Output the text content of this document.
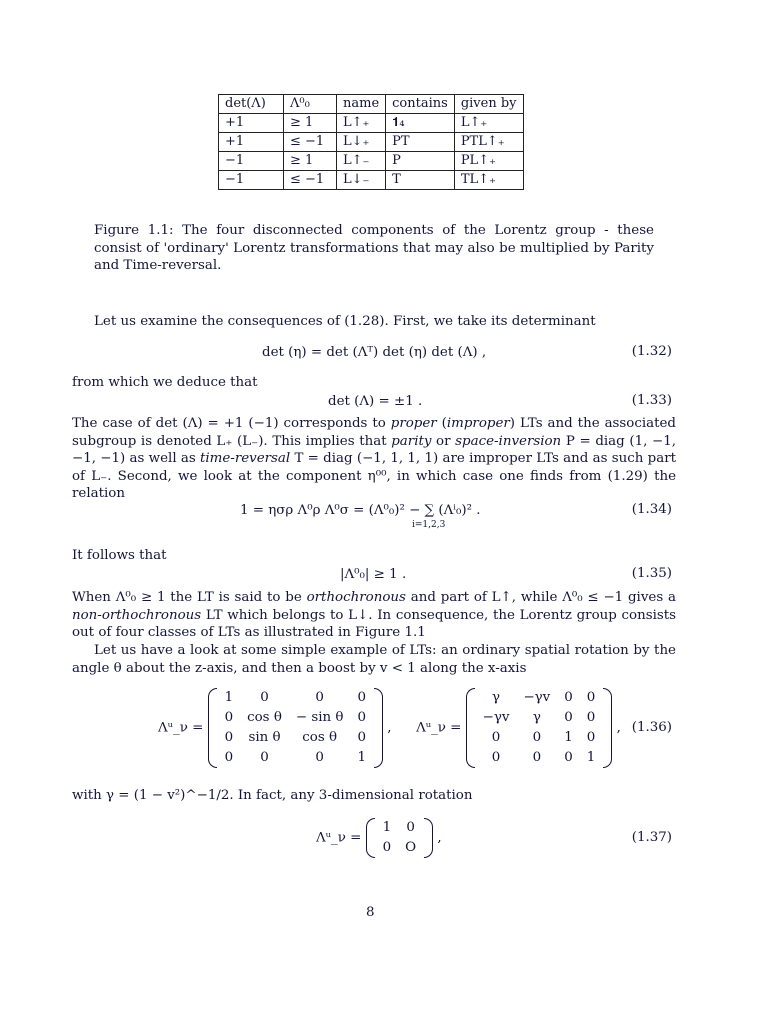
det(Λ)	Λ⁰₀	name	contains	given by
+1	≥ 1	L↑₊	𝟏₄	L↑₊
+1	≤ −1	L↓₊	PT	PTL↑₊
−1	≥ 1	L↑₋	P	PL↑₊
−1	≤ −1	L↓₋	T	TL↑₊

Figure 1.1: The four disconnected components of the Lorentz group - these consist of 'ordinary' Lorentz transformations that may also be multiplied by Parity and Time-reversal.

Let us examine the consequences of (1.28). First, we take its determinant

det (η) = det (Λᵀ) det (η) det (Λ) ,	(1.32)

from which we deduce that

det (Λ) = ±1 .	(1.33)

The case of det (Λ) = +1 (−1) corresponds to proper (improper) LTs and the associated subgroup is denoted L₊ (L₋). This implies that parity or space-inversion P = diag (1, −1, −1, −1) as well as time-reversal T = diag (−1, 1, 1, 1) are improper LTs and as such part of L₋. Second, we look at the component η⁰⁰, in which case one finds from (1.29) the relation

1 = ησρ Λ⁰ρ Λ⁰σ = (Λ⁰₀)² − ∑ (Λⁱ₀)² .
i=1,2,3
(1.34)

It follows that

|Λ⁰₀| ≥ 1 .	(1.35)

When Λ⁰₀ ≥ 1 the LT is said to be orthochronous and part of L↑, while Λ⁰₀ ≤ −1 gives a non-orthochronous LT which belongs to L↓. In consequence, the Lorentz group consists out of four classes of LTs as illustrated in Figure 1.1

Let us have a look at some simple example of LTs: an ordinary spatial rotation by the angle θ about the z-axis, and then a boost by v < 1 along the x-axis

Λᵘ_ν =
1	0	0	0
0	cos θ	− sin θ	0
0	sin θ	cos θ	0
0	0	0	1
, Λᵘ_ν =
γ	−γv	0	0
−γv	γ	0	0
0	0	1	0
0	0	0	1
, (1.36)

with γ = (1 − v²)^−1/2. In fact, any 3-dimensional rotation

Λᵘ_ν =
1	0
0	O
,	(1.37)
8
